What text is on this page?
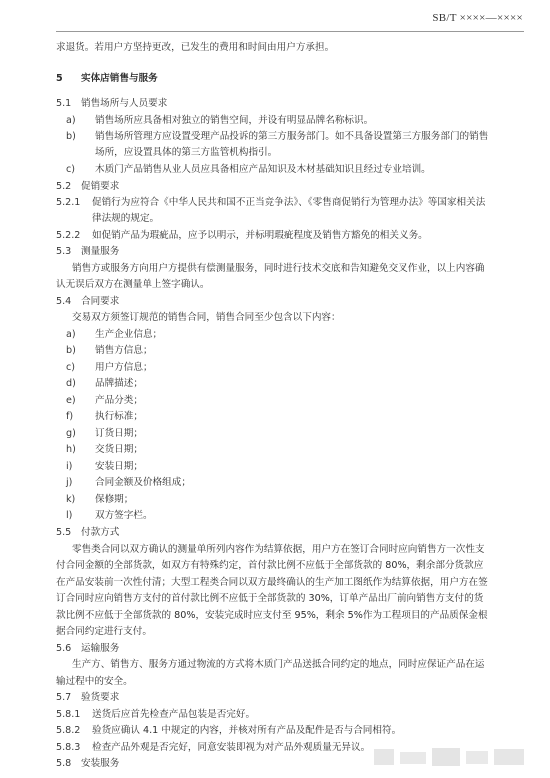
SB/T ××××—××××
求退货。若用户方坚持更改，已发生的费用和时间由用户方承担。
5 实体店销售与服务
5.1 销售场所与人员要求
a) 销售场所应具备相对独立的销售空间，并设有明显品牌名称标识。
b) 销售场所管理方应设置受理产品投诉的第三方服务部门。如不具备设置第三方服务部门的销售
场所，应设置具体的第三方监管机构指引。
c) 木质门产品销售从业人员应具备相应产品知识及木材基础知识且经过专业培训。
5.2 促销要求
5.2.1 促销行为应符合《中华人民共和国不正当竞争法》、《零售商促销行为管理办法》等国家相关法
律法规的规定。
5.2.2 如促销产品为瑕疵品，应予以明示，并标明瑕疵程度及销售方豁免的相关义务。
5.3 测量服务
销售方或服务方向用户方提供有偿测量服务，同时进行技术交底和告知避免交叉作业，以上内容确
认无误后双方在测量单上签字确认。
5.4 合同要求
交易双方须签订规范的销售合同，销售合同至少包含以下内容：
a) 生产企业信息；
b) 销售方信息；
c) 用户方信息；
d) 品牌描述；
e) 产品分类；
f) 执行标准；
g) 订货日期；
h) 交货日期；
i) 安装日期；
j) 合同金额及价格组成；
k) 保修期；
l) 双方签字栏。
5.5 付款方式
零售类合同以双方确认的测量单所列内容作为结算依据，用户方在签订合同时应向销售方一次性支
付合同金额的全部货款，如双方有特殊约定，首付款比例不应低于全部货款的 80%，剩余部分货款应
在产品安装前一次性付清；大型工程类合同以双方最终确认的生产加工图纸作为结算依据，用户方在签
订合同时应向销售方支付的首付款比例不应低于全部货款的 30%，订单产品出厂前向销售方支付的货
款比例不应低于全部货款的 80%，安装完成时应支付至 95%，剩余 5%作为工程项目的产品质保金根
据合同约定进行支付。
5.6 运输服务
生产方、销售方、服务方通过物流的方式将木质门产品送抵合同约定的地点，同时应保证产品在运
输过程中的安全。
5.7 验货要求
5.8.1 送货后应首先检查产品包装是否完好。
5.8.2 验货应确认 4.1 中规定的内容，并核对所有产品及配件是否与合同相符。
5.8.3 检查产品外观是否完好，同意安装即视为对产品外观质量无异议。
5.8 安装服务
